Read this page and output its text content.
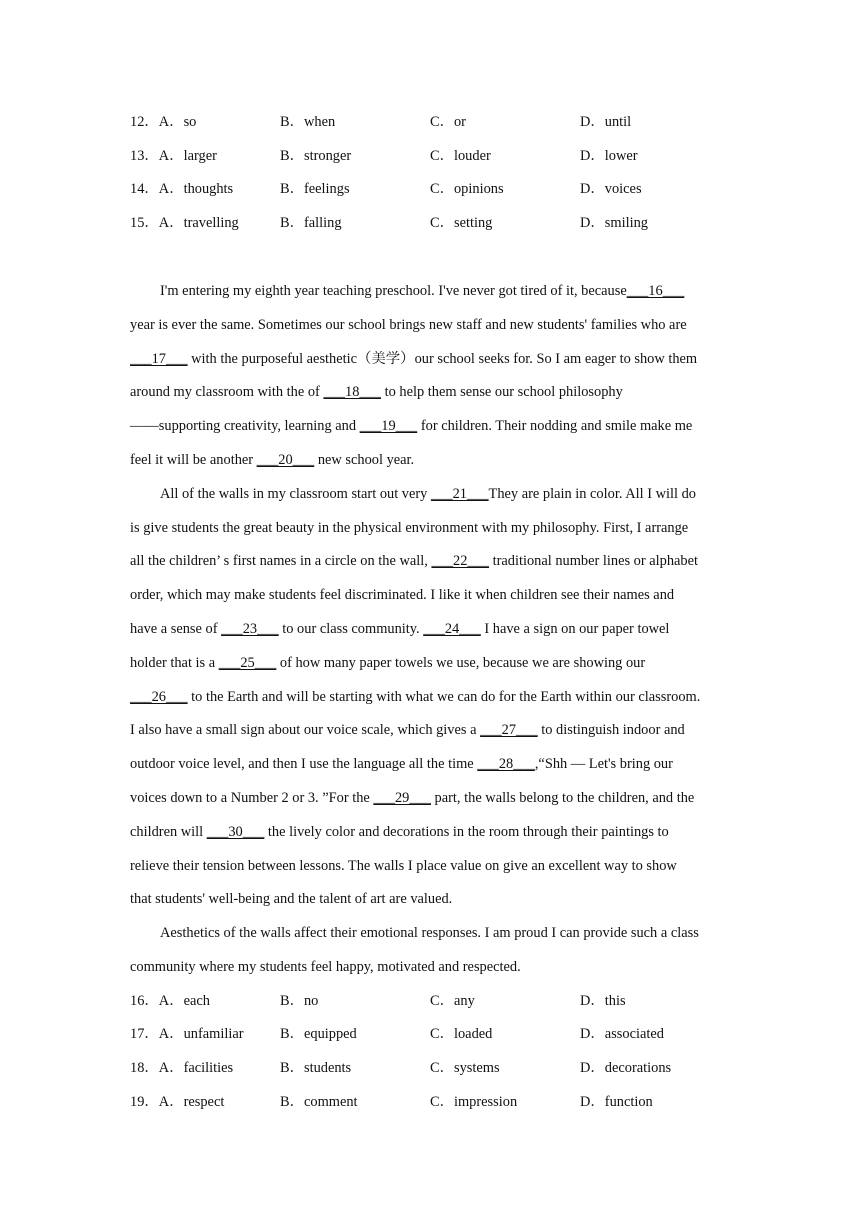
12．A．so	B．when	C．or	D．until
13．A．larger	B．stronger	C．louder	D．lower
14．A．thoughts	B．feelings	C．opinions	D．voices
15．A．travelling	B．falling	C．setting	D．smiling
I'm entering my eighth year teaching preschool. I've never got tired of it, because___16___
year is ever the same. Sometimes our school brings new staff and new students' families who are
___17___ with the purposeful aesthetic（美学）our school seeks for. So I am eager to show them
around my classroom with the of ___18___ to help them sense our school philosophy
——supporting creativity, learning and ___19___ for children. Their nodding and smile make me
feel it will be another ___20___ new school year.
All of the walls in my classroom start out very ___21___They are plain in color. All I will do
is give students the great beauty in the physical environment with my philosophy. First, I arrange
all the children’ s first names in a circle on the wall, ___22___ traditional number lines or alphabet
order, which may make students feel discriminated. I like it when children see their names and
have a sense of ___23___ to our class community. ___24___ I have a sign on our paper towel
holder that is a ___25___ of how many paper towels we use, because we are showing our
___26___ to the Earth and will be starting with what we can do for the Earth within our classroom.
I also have a small sign about our voice scale, which gives a ___27___ to distinguish indoor and
outdoor voice level, and then I use the language all the time ___28___,“Shh — Let's bring our
voices down to a Number 2 or 3. ”For the ___29___ part, the walls belong to the children, and the
children will ___30___ the lively color and decorations in the room through their paintings to
relieve their tension between lessons. The walls I place value on give an excellent way to show
that students' well-being and the talent of art are valued.
Aesthetics of the walls affect their emotional responses. I am proud I can provide such a class
community where my students feel happy, motivated and respected.
16．A．each	B．no	C．any	D．this
17．A．unfamiliar	B．equipped	C．loaded	D．associated
18．A．facilities	B．students	C．systems	D．decorations
19．A．respect	B．comment	C．impression	D．function
